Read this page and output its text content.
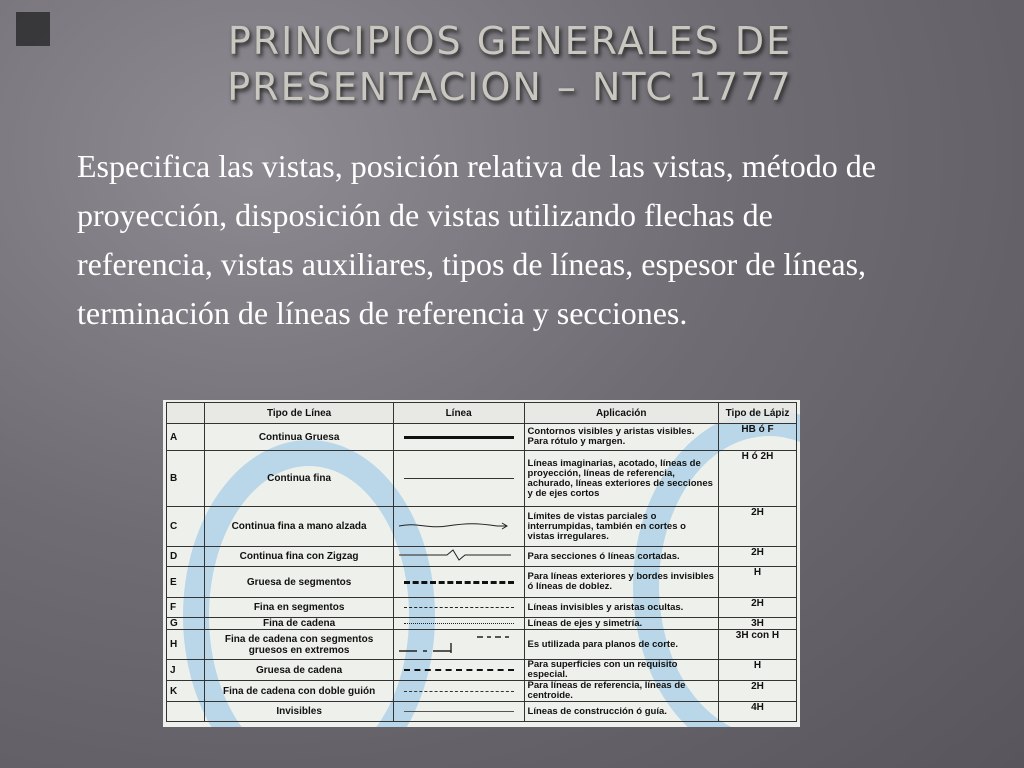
PRINCIPIOS GENERALES DE
PRESENTACION – NTC 1777
Especifica las vistas, posición relativa de las vistas, método de proyección, disposición de vistas utilizando flechas de referencia, vistas auxiliares, tipos de líneas, espesor de líneas, terminación de líneas de referencia y secciones.
	Tipo de Línea	Línea	Aplicación	Tipo de Lápiz
A	Continua Gruesa		Contornos visibles y aristas visibles. Para rótulo y margen.	HB ó F
B	Continua fina		Líneas imaginarias, acotado, líneas de proyección, líneas de referencia, achurado, líneas exteriores de secciones y de ejes cortos	H ó 2H
C	Continua fina a mano alzada		Límites de vistas parciales o interrumpidas, también en cortes o vistas irregulares.	2H
D	Continua fina con Zigzag		Para secciones ó líneas cortadas.	2H
E	Gruesa de segmentos		Para líneas exteriores y bordes invisibles ó líneas de doblez.	H
F	Fina en segmentos		Líneas invisibles y aristas ocultas.	2H
G	Fina de cadena		Líneas de ejes y simetría.	3H
H	Fina de cadena con segmentos gruesos en extremos		Es utilizada para planos de corte.	3H con H
J	Gruesa de cadena		Para superficies con un requisito especial.	H
K	Fina de cadena con doble guión		Para líneas de referencia, líneas de centroide.	2H
	Invisibles		Líneas de construcción ó guía.	4H
